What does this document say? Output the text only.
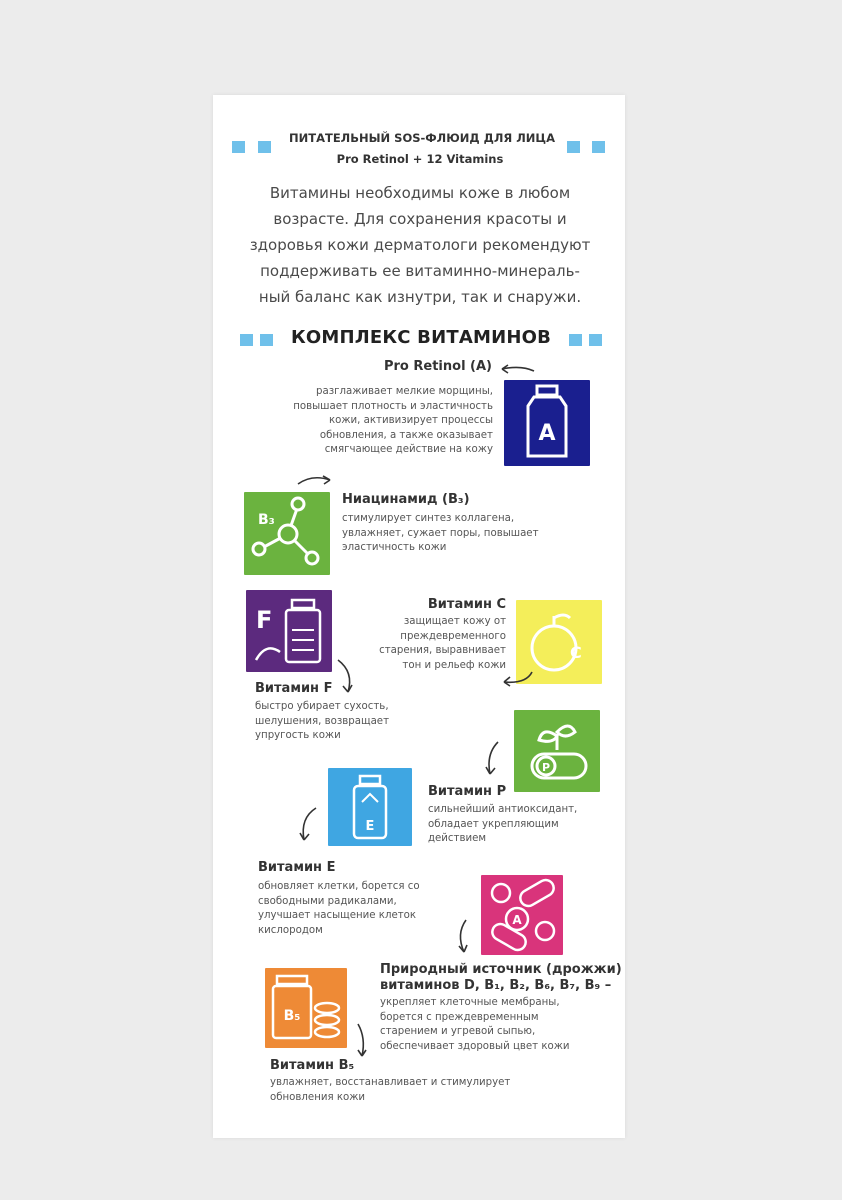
ПИТАТЕЛЬНЫЙ SOS-ФЛЮИД ДЛЯ ЛИЦА
Pro Retinol + 12 Vitamins
Витамины необходимы коже в любом
возрасте. Для сохранения красоты и
здоровья кожи дерматологи рекомендуют
поддерживать ее витаминно-минераль-
ный баланс как изнутри, так и снаружи.
КОМПЛЕКС ВИТАМИНОВ
Pro Retinol (A)
разглаживает мелкие морщины,
повышает плотность и эластичность
кожи, активизирует процессы
обновления, а также оказывает
смягчающее действие на кожу
A
B₃
Ниацинамид (B₃)
стимулирует синтез коллагена,
увлажняет, сужает поры, повышает
эластичность кожи
F
Витамин F
быстро убирает сухость,
шелушения, возвращает
упругость кожи
Витамин C
защищает кожу от
преждевременного
старения, выравнивает
тон и рельеф кожи
C
P
Витамин P
сильнейший антиоксидант,
обладает укрепляющим
действием
E
Витамин E
обновляет клетки, борется со
свободными радикалами,
улучшает насыщение клеток
кислородом
A
Природный источник (дрожжи)
витаминов D, B₁, B₂, B₆, B₇, B₉ –
укрепляет клеточные мембраны,
борется с преждевременным
старением и угревой сыпью,
обеспечивает здоровый цвет кожи
B₅
Витамин B₅
увлажняет, восстанавливает и стимулирует
обновления кожи
